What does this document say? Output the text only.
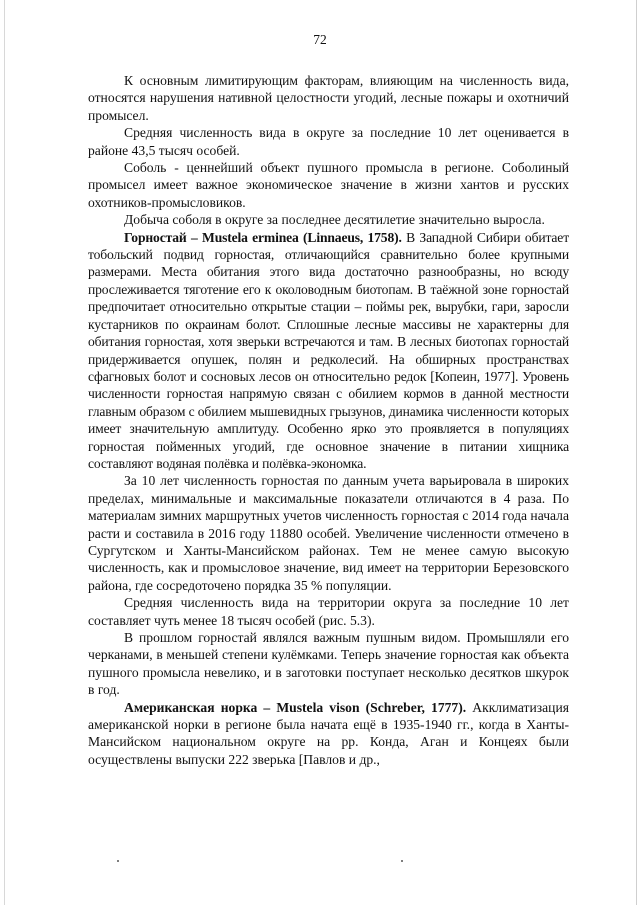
72

К основным лимитирующим факторам, влияющим на численность вида, относятся нарушения нативной целостности угодий, лесные пожары и охотничий промысел.

Средняя численность вида в округе за последние 10 лет оценивается в районе 43,5 тысяч особей.

Соболь - ценнейший объект пушного промысла в регионе. Соболиный промысел имеет важное экономическое значение в жизни хантов и русских охотников-промысловиков.

Добыча соболя в округе за последнее десятилетие значительно выросла.

Горностай – Mustela erminea (Linnaeus, 1758). В Западной Сибири обитает тобольский подвид горностая, отличающийся сравнительно более крупными размерами. Места обитания этого вида достаточно разнообразны, но всюду прослеживается тяготение его к околоводным биотопам. В таёжной зоне горностай предпочитает относительно открытые стации – поймы рек, вырубки, гари, заросли кустарников по окраинам болот. Сплошные лесные массивы не характерны для обитания горностая, хотя зверьки встречаются и там. В лесных биотопах горностай придерживается опушек, полян и редколесий. На обширных пространствах сфагновых болот и сосновых лесов он относительно редок [Копеин, 1977]. Уровень численности горностая напрямую связан с обилием кормов в данной местности главным образом с обилием мышевидных грызунов, динамика численности которых имеет значительную амплитуду. Особенно ярко это проявляется в популяциях горностая пойменных угодий, где основное значение в питании хищника составляют водяная полёвка и полёвка-экономка.

За 10 лет численность горностая по данным учета варьировала в широких пределах, минимальные и максимальные показатели отличаются в 4 раза. По материалам зимних маршрутных учетов численность горностая с 2014 года начала расти и составила в 2016 году 11880 особей. Увеличение численности отмечено в Сургутском и Ханты-Мансийском районах. Тем не менее самую высокую численность, как и промысловое значение, вид имеет на территории Березовского района, где сосредоточено порядка 35 % популяции.

Средняя численность вида на территории округа за последние 10 лет составляет чуть менее 18 тысяч особей (рис. 5.3).

В прошлом горностай являлся важным пушным видом. Промышляли его черканами, в меньшей степени кулёмками. Теперь значение горностая как объекта пушного промысла невелико, и в заготовки поступает несколько десятков шкурок в год.

Американская норка – Mustela vison (Schreber, 1777). Акклиматизация американской норки в регионе была начата ещё в 1935-1940 гг., когда в Ханты-Мансийском национальном округе на рр. Конда, Аган и Концеях были осуществлены выпуски 222 зверька [Павлов и др.,
